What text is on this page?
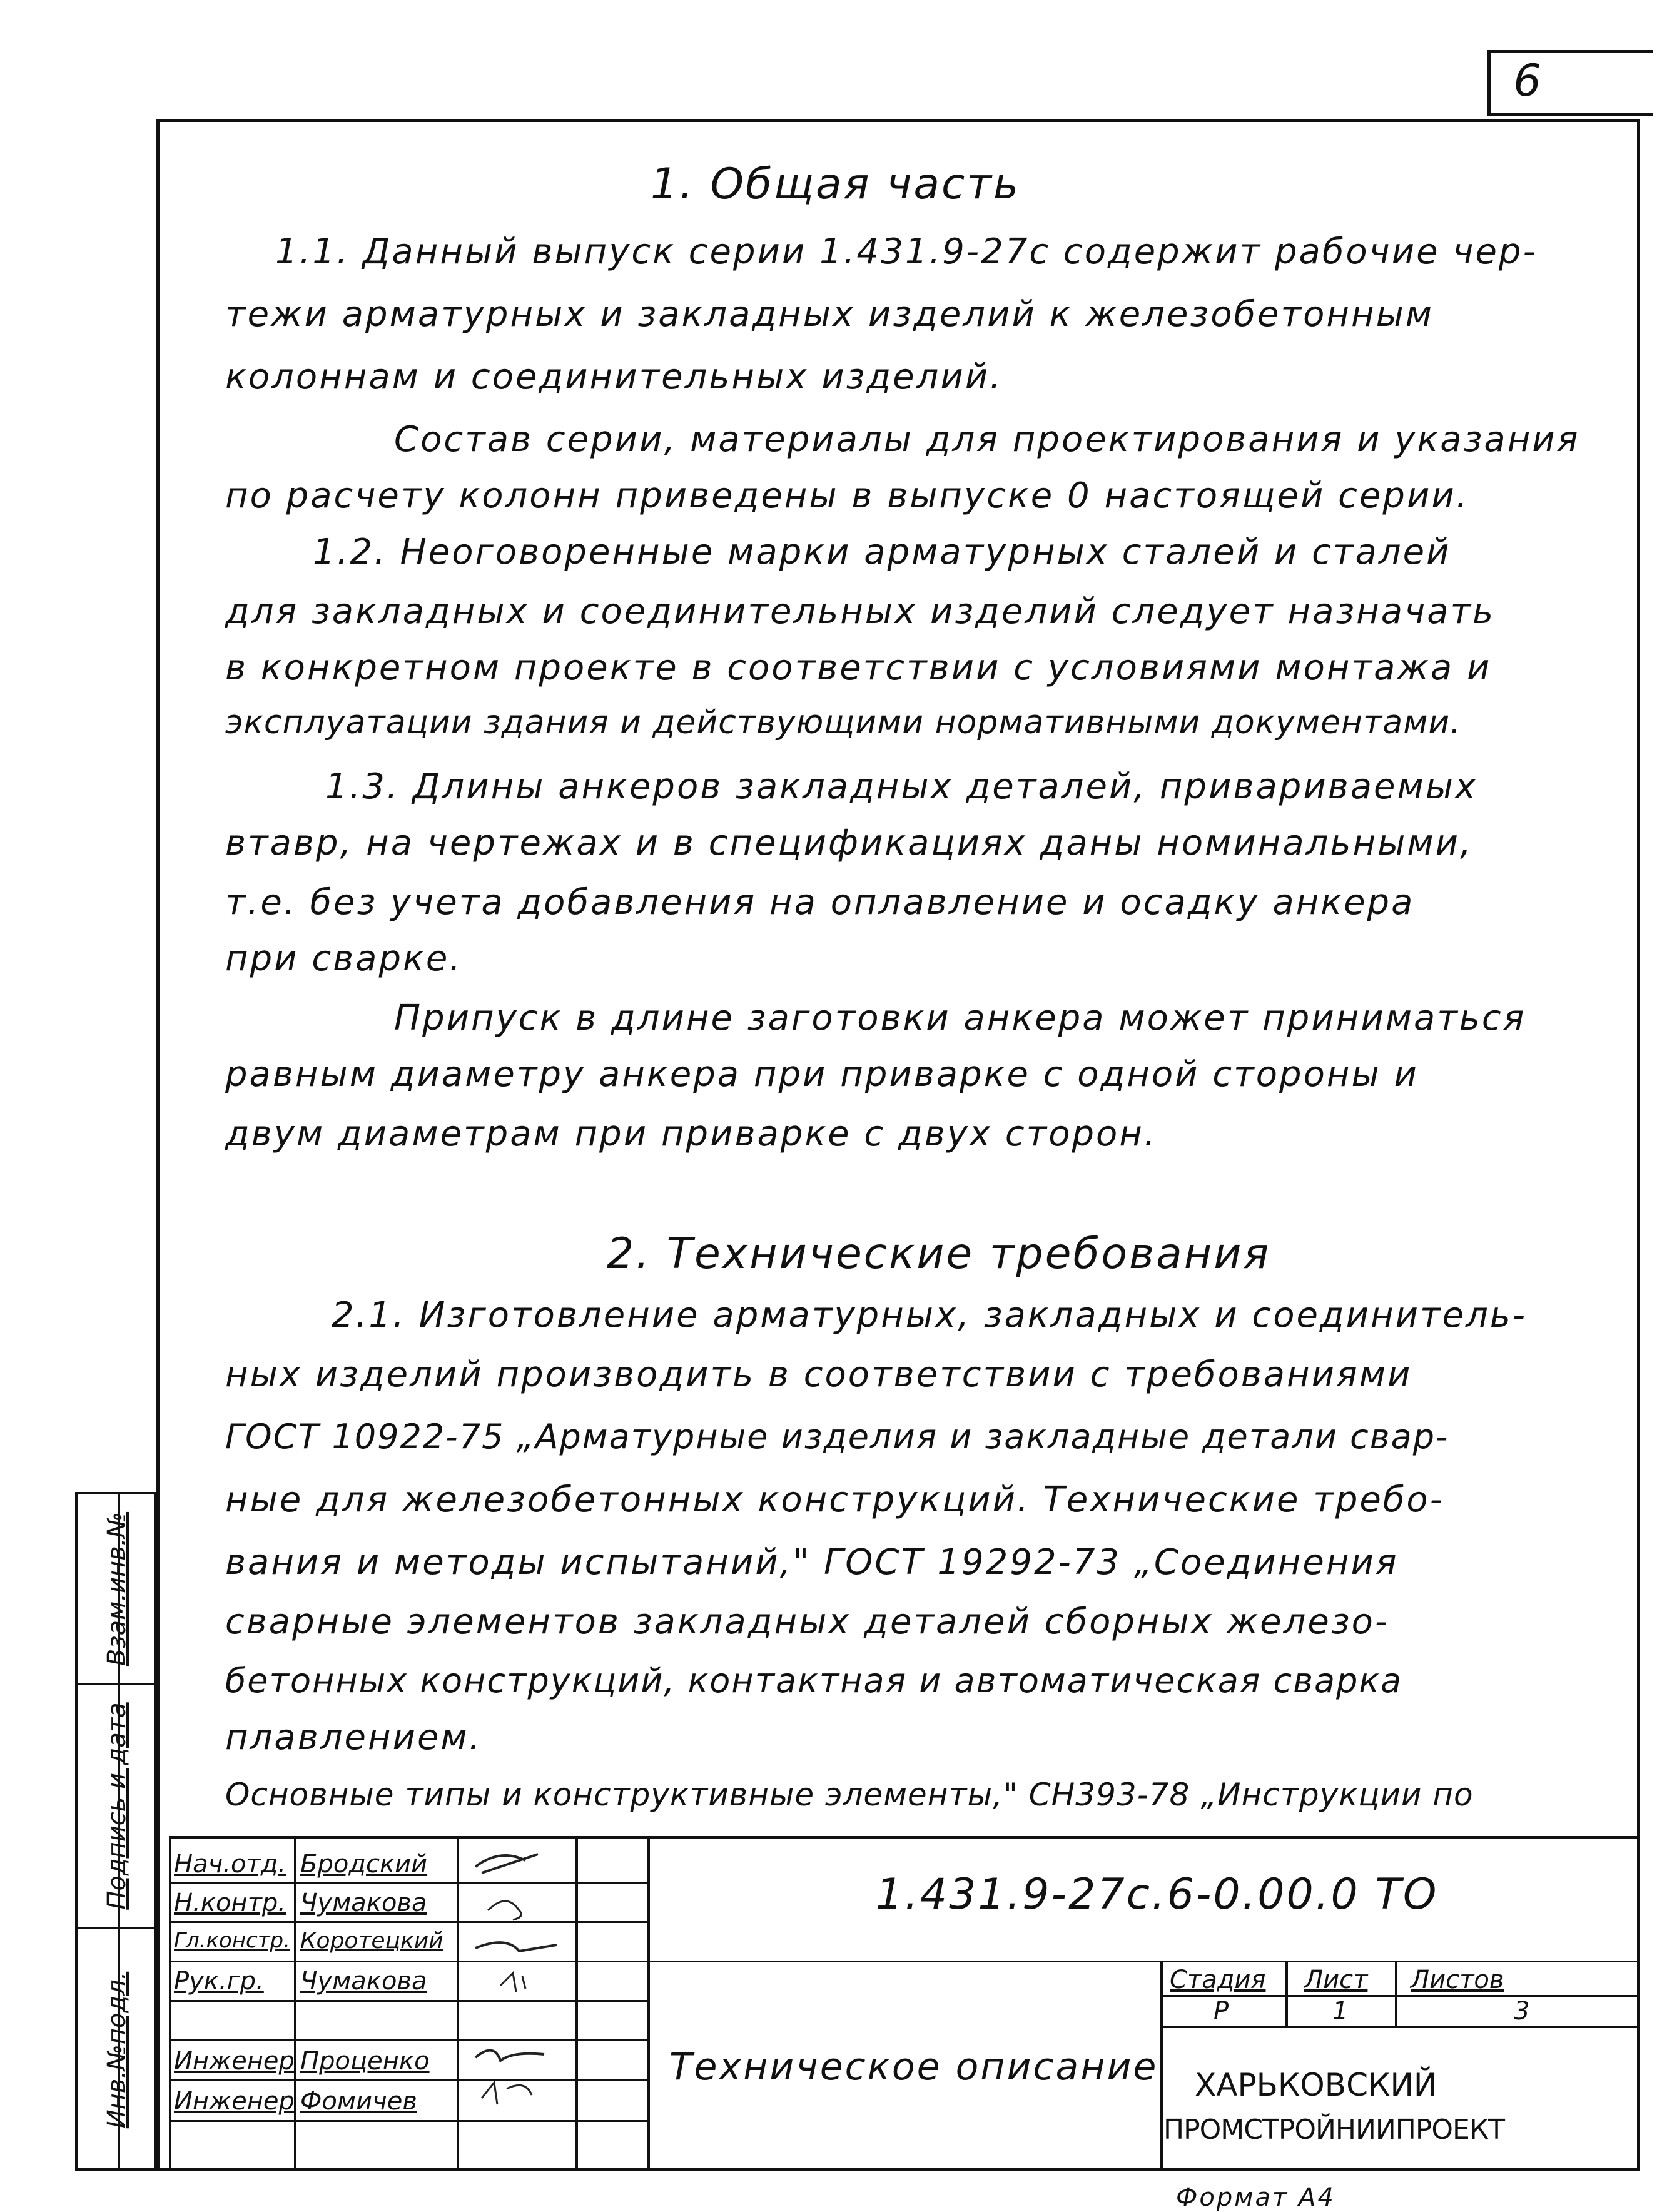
6
1. Общая часть
1.1. Данный выпуск серии 1.431.9-27с содержит рабочие чер-
тежи арматурных и закладных изделий к железобетонным
колоннам и соединительных изделий.
Состав серии, материалы для проектирования и указания
по расчету колонн приведены в выпуске 0 настоящей серии.
1.2. Неоговоренные марки арматурных сталей и сталей
для закладных и соединительных изделий следует назначать
в конкретном проекте в соответствии с условиями монтажа и
эксплуатации здания и действующими нормативными документами.
1.3. Длины анкеров закладных деталей, привариваемых
втавр, на чертежах и в спецификациях даны номинальными,
т.е. без учета добавления на оплавление и осадку анкера
при сварке.
Припуск в длине заготовки анкера может приниматься
равным диаметру анкера при приварке с одной стороны и
двум диаметрам при приварке с двух сторон.
2. Технические требования
2.1. Изготовление арматурных, закладных и соединитель-
ных изделий производить в соответствии с требованиями
ГОСТ 10922-75 „Арматурные изделия и закладные детали свар-
ные для железобетонных конструкций. Технические требо-
вания и методы испытаний," ГОСТ 19292-73 „Соединения
сварные элементов закладных деталей сборных железо-
бетонных конструкций, контактная и автоматическая сварка
плавлением.
Основные типы и конструктивные элементы," СН393-78 „Инструкции по
Взам.инв.№
Подпись и дата
Инв.№подл.
Нач.отд.
Н.контр.
Гл.констр.
Рук.гр.
Инженер
Инженер
Бродский
Чумакова
Коротецкий
Чумакова
Проценко
Фомичев
1.431.9-27с.6-0.00.0 ТО
Техническое описание
Стадия Лист Листов
Р	1	3
ХАРЬКОВСКИЙ
ПРОМСТРОЙНИИПРОЕКТ
Формат А4
